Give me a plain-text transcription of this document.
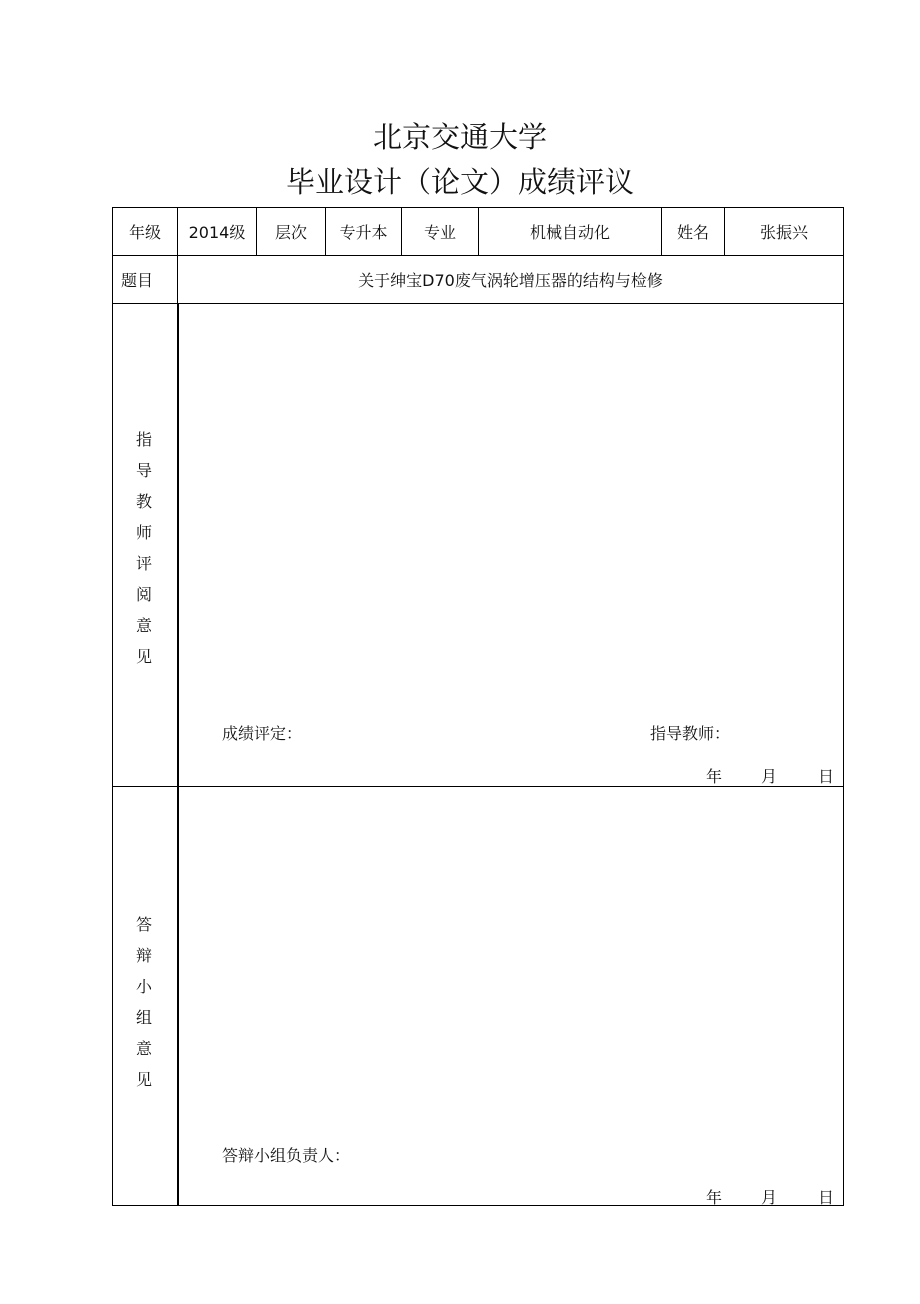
北京交通大学
毕业设计（论文）成绩评议
年级	2014级	层次	专升本	专业	机械自动化	姓名	张振兴
题目	关于绅宝D70废气涡轮增压器的结构与检修
指
导
教
师
评
阅
意
见
成绩评定：	指导教师：
年 月	日
答
辩
小
组
意
见
答辩小组负责人：
年 月	日
